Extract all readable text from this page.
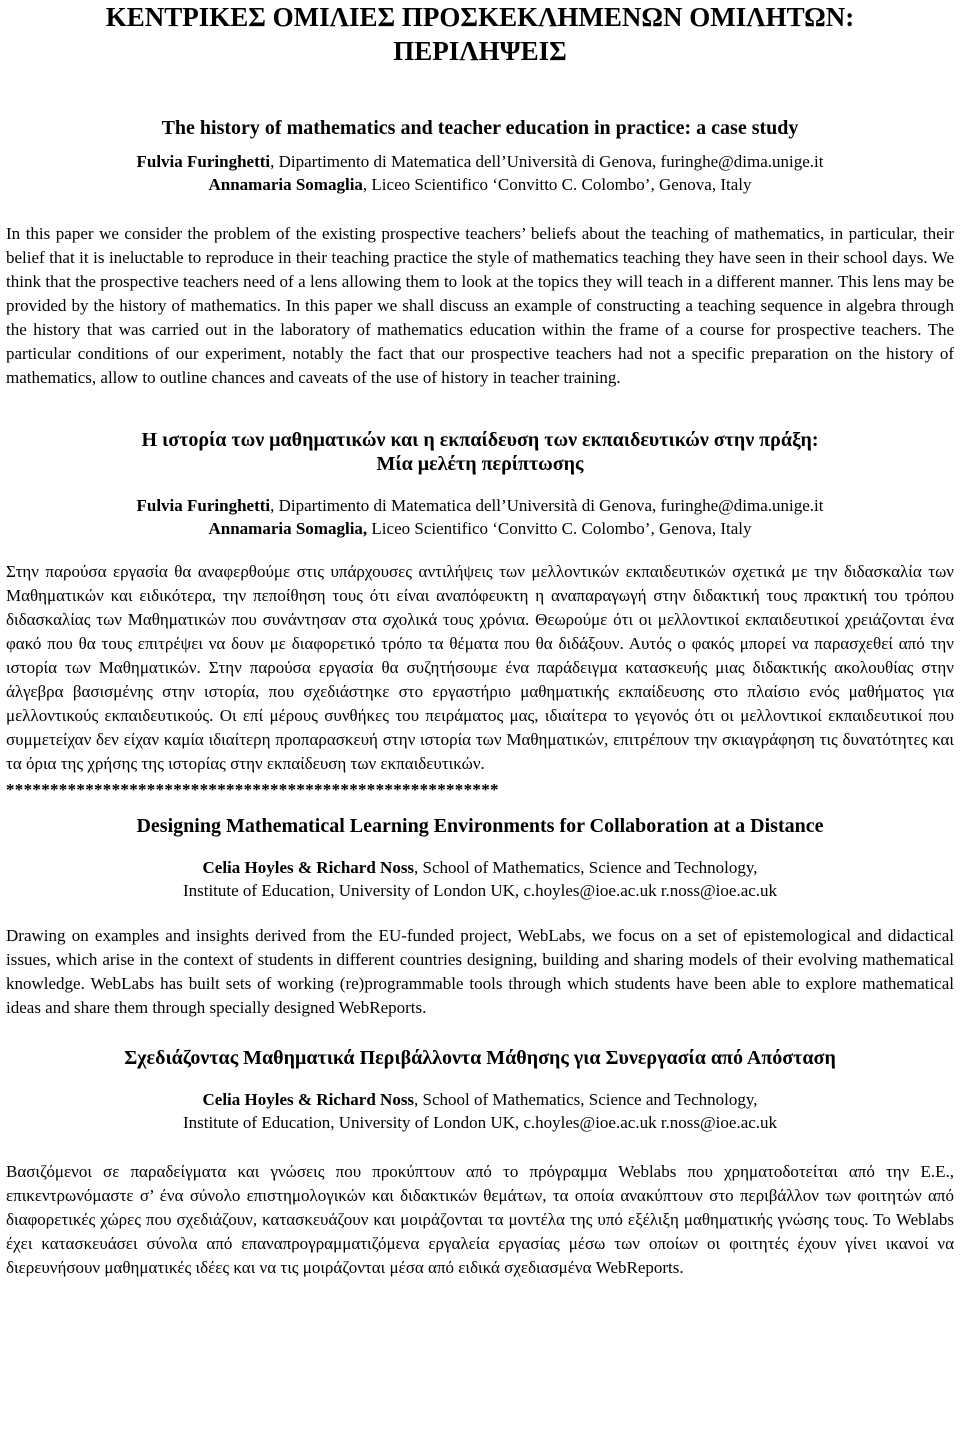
ΚΕΝΤΡΙΚΕΣ ΟΜΙΛΙΕΣ ΠΡΟΣΚΕΚΛΗΜΕΝΩΝ ΟΜΙΛΗΤΩΝ:
ΠΕΡΙΛΗΨΕΙΣ

The history of mathematics and teacher education in practice: a case study

Fulvia Furinghetti, Dipartimento di Matematica dell’Università di Genova, furinghe@dima.unige.it
Annamaria Somaglia, Liceo Scientifico ‘Convitto C. Colombo’, Genova, Italy

In this paper we consider the problem of the existing prospective teachers’ beliefs about the teaching of mathematics, in particular, their belief that it is ineluctable to reproduce in their teaching practice the style of mathematics teaching they have seen in their school days. We think that the prospective teachers need of a lens allowing them to look at the topics they will teach in a different manner. This lens may be provided by the history of mathematics. In this paper we shall discuss an example of constructing a teaching sequence in algebra through the history that was carried out in the laboratory of mathematics education within the frame of a course for prospective teachers. The particular conditions of our experiment, notably the fact that our prospective teachers had not a specific preparation on the history of mathematics, allow to outline chances and caveats of the use of history in teacher training.

Η ιστορία των μαθηματικών και η εκπαίδευση των εκπαιδευτικών στην πράξη:
Μία μελέτη περίπτωσης

Fulvia Furinghetti, Dipartimento di Matematica dell’Università di Genova, furinghe@dima.unige.it
Annamaria Somaglia, Liceo Scientifico ‘Convitto C. Colombo’, Genova, Italy

Στην παρούσα εργασία θα αναφερθούμε στις υπάρχουσες αντιλήψεις των μελλοντικών εκπαιδευτικών σχετικά με την διδασκαλία των Μαθηματικών και ειδικότερα, την πεποίθηση τους ότι είναι αναπόφευκτη η αναπαραγωγή στην διδακτική τους πρακτική του τρόπου διδασκαλίας των Μαθηματικών που συνάντησαν στα σχολικά τους χρόνια. Θεωρούμε ότι οι μελλοντικοί εκπαιδευτικοί χρειάζονται ένα φακό που θα τους επιτρέψει να δουν με διαφορετικό τρόπο τα θέματα που θα διδάξουν. Αυτός ο φακός μπορεί να παρασχεθεί από την ιστορία των Μαθηματικών. Στην παρούσα εργασία θα συζητήσουμε ένα παράδειγμα κατασκευής μιας διδακτικής ακολουθίας στην άλγεβρα βασισμένης στην ιστορία, που σχεδιάστηκε στο εργαστήριο μαθηματικής εκπαίδευσης στο πλαίσιο ενός μαθήματος για μελλοντικούς εκπαιδευτικούς. Οι επί μέρους συνθήκες του πειράματος μας, ιδιαίτερα το γεγονός ότι οι μελλοντικοί εκπαιδευτικοί που συμμετείχαν δεν είχαν καμία ιδιαίτερη προπαρασκευή στην ιστορία των Μαθηματικών, επιτρέπουν την σκιαγράφηση τις δυνατότητες και τα όρια της χρήσης της ιστορίας στην εκπαίδευση των εκπαιδευτικών.

********************************************************

Designing Mathematical Learning Environments for Collaboration at a Distance

Celia Hoyles & Richard Noss, School of Mathematics, Science and Technology,
Institute of Education, University of London UK, c.hoyles@ioe.ac.uk r.noss@ioe.ac.uk

Drawing on examples and insights derived from the EU-funded project, WebLabs, we focus on a set of epistemological and didactical issues, which arise in the context of students in different countries designing, building and sharing models of their evolving mathematical knowledge. WebLabs has built sets of working (re)programmable tools through which students have been able to explore mathematical ideas and share them through specially designed WebReports.

Σχεδιάζοντας Μαθηματικά Περιβάλλοντα Μάθησης για Συνεργασία από Απόσταση

Celia Hoyles & Richard Noss, School of Mathematics, Science and Technology,
Institute of Education, University of London UK, c.hoyles@ioe.ac.uk r.noss@ioe.ac.uk

Βασιζόμενοι σε παραδείγματα και γνώσεις που προκύπτουν από το πρόγραμμα Weblabs που χρηματοδοτείται από την Ε.Ε., επικεντρωνόμαστε σ’ ένα σύνολο επιστημολογικών και διδακτικών θεμάτων, τα οποία ανακύπτουν στο περιβάλλον των φοιτητών από διαφορετικές χώρες που σχεδιάζουν, κατασκευάζουν και μοιράζονται τα μοντέλα της υπό εξέλιξη μαθηματικής γνώσης τους. Το Weblabs έχει κατασκευάσει σύνολα από επαναπρογραμματιζόμενα εργαλεία εργασίας μέσω των οποίων οι φοιτητές έχουν γίνει ικανοί να διερευνήσουν μαθηματικές ιδέες και να τις μοιράζονται μέσα από ειδικά σχεδιασμένα WebReports.
